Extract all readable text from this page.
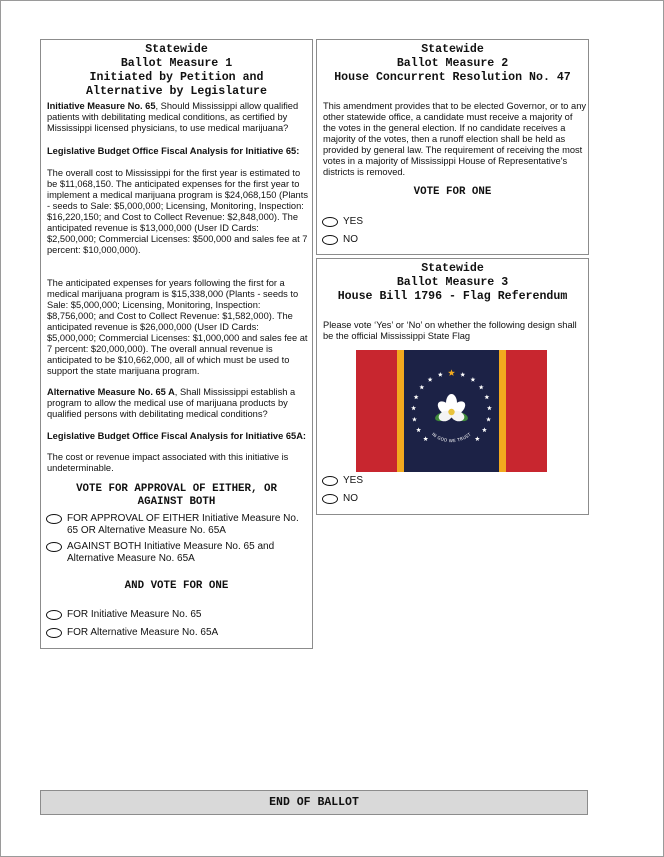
Statewide
Ballot Measure 1
Initiated by Petition and
Alternative by Legislature
Initiative Measure No. 65, Should Mississippi allow qualified patients with debilitating medical conditions, as certified by Mississippi licensed physicians, to use medical marijuana?
Legislative Budget Office Fiscal Analysis for Initiative 65:
The overall cost to Mississippi for the first year is estimated to be $11,068,150. The anticipated expenses for the first year to implement a medical marijuana program is $24,068,150 (Plants - seeds to Sale: $5,000,000; Licensing, Monitoring, Inspection: $16,220,150; and Cost to Collect Revenue: $2,848,000). The anticipated revenue is $13,000,000 (User ID Cards: $2,500,000; Commercial Licenses: $500,000 and sales fee at 7 percent: $10,000,000).
The anticipated expenses for years following the first for a medical marijuana program is $15,338,000 (Plants - seeds to Sale: $5,000,000; Licensing, Monitoring, Inspection: $8,756,000; and Cost to Collect Revenue: $1,582,000). The anticipated revenue is $26,000,000 (User ID Cards: $5,000,000; Commercial Licenses: $1,000,000 and sales fee at 7 percent: $20,000,000). The overall annual revenue is anticipated to be $10,662,000, all of which must be used to support the state marijuana program.
Alternative Measure No. 65 A, Shall Mississippi establish a program to allow the medical use of marijuana products by qualified persons with debilitating medical conditions?
Legislative Budget Office Fiscal Analysis for Initiative 65A:
The cost or revenue impact associated with this initiative is undeterminable.
VOTE FOR APPROVAL OF EITHER, OR
AGAINST BOTH
FOR APPROVAL OF EITHER Initiative Measure No. 65 OR Alternative Measure No. 65A
AGAINST BOTH Initiative Measure No. 65 and Alternative Measure No. 65A
AND VOTE FOR ONE
FOR Initiative Measure No. 65
FOR Alternative Measure No. 65A
Statewide
Ballot Measure 2
House Concurrent Resolution No. 47
This amendment provides that to be elected Governor, or to any other statewide office, a candidate must receive a majority of the votes in the general election. If no candidate receives a majority of the votes, then a runoff election shall be held as provided by general law. The requirement of receiving the most votes in a majority of Mississippi House of Representative's districts is removed.
VOTE FOR ONE
YES
NO
Statewide
Ballot Measure 3
House Bill 1796 - Flag Referendum
Please vote ‘Yes’ or ‘No’ on whether the following design shall be the official Mississippi State Flag
IN GOD WE TRUST
YES
NO
END OF BALLOT
